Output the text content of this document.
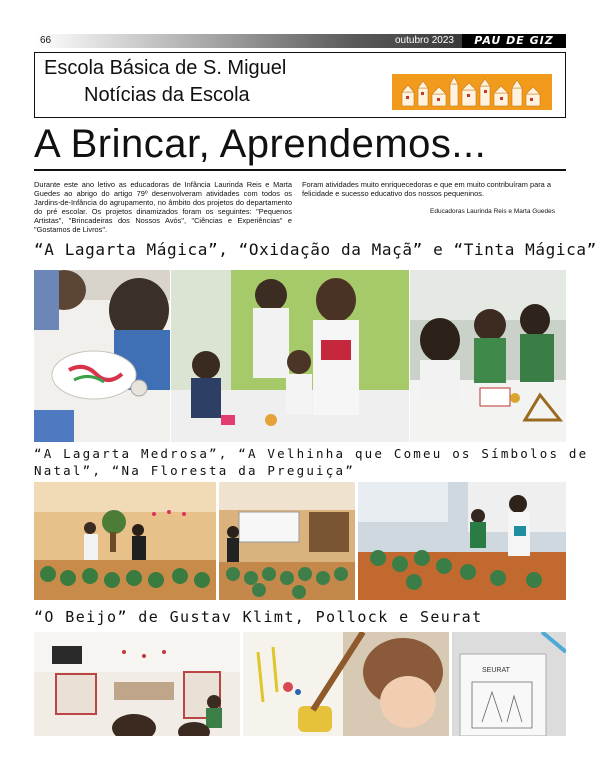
66	outubro 2023	PAU DE GIZ
Escola Básica de S. Miguel
Notícias da Escola
A Brincar, Aprendemos...
Durante este ano letivo as educadoras de Infância Laurinda Reis e Marta Guedes ao abrigo do artigo 79º desenvolveram atividades com todos os Jardins-de-Infância do agrupamento, no âmbito dos projetos do departamento do pré escolar. Os projetos dinamizados foram os seguintes: "Pequenos Artistas", "Brincadeiras dos Nossos Avós", "Ciências e Experiências" e "Gostamos de Livros".
Foram atividades muito enriquecedoras e que em muito contribuíram para a felicidade e sucesso educativo dos nossos pequeninos.
Educadoras Laurinda Reis e Marta Guedes
“A Lagarta Mágica”, “Oxidação da Maçã” e “Tinta Mágica”
“A Lagarta Medrosa”, “A Velhinha que Comeu os Símbolos de
Natal”, “Na Floresta da Preguiça”
“O Beijo” de Gustav Klimt, Pollock e Seurat
SEURAT
